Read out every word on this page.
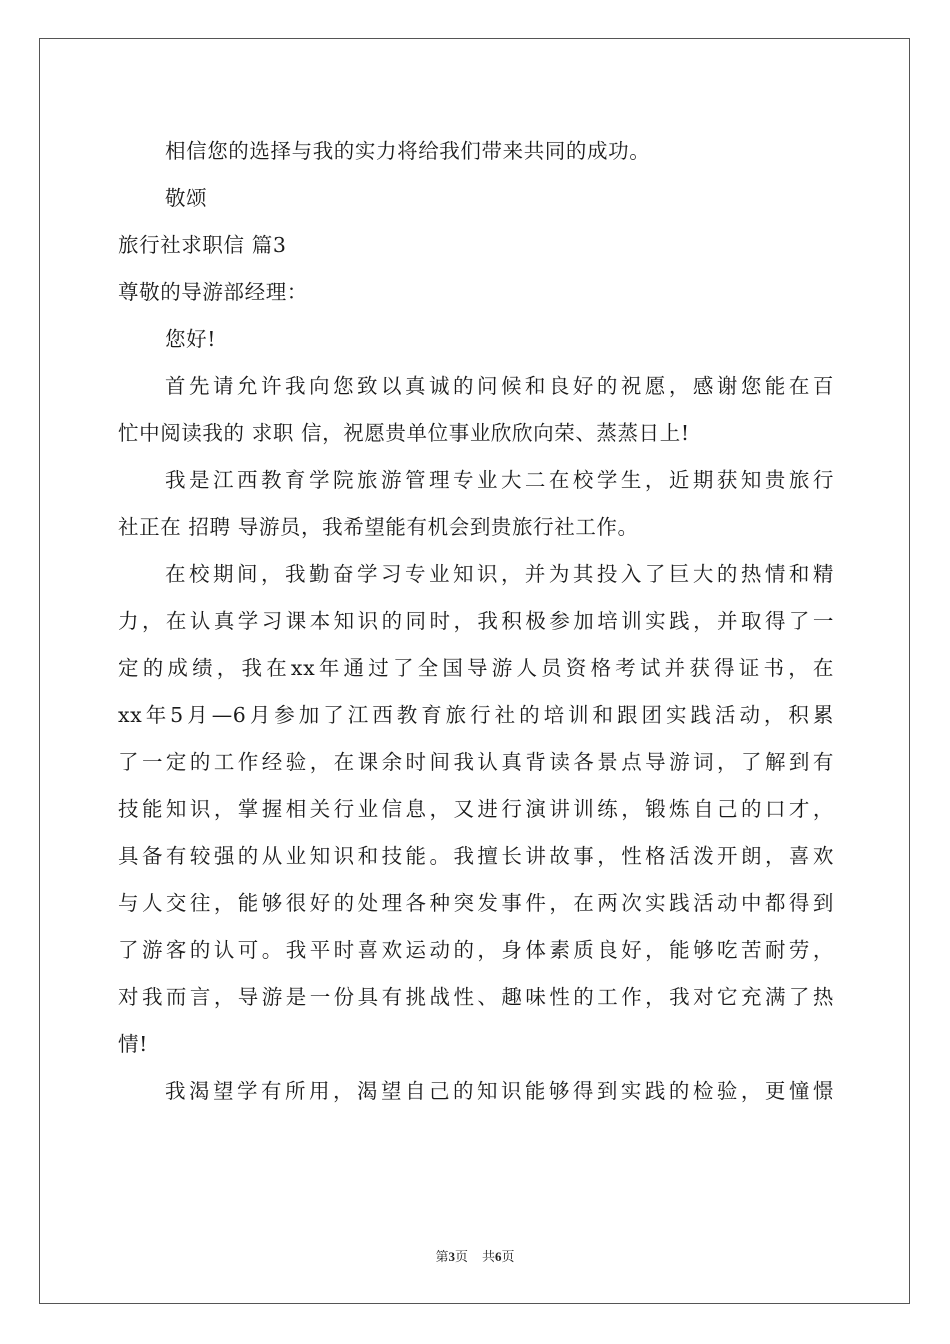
相信您的选择与我的实力将给我们带来共同的成功。
敬颂
旅行社求职信 篇3
尊敬的导游部经理：
您好!
首先请允许我向您致以真诚的问候和良好的祝愿，感谢您能在百
忙中阅读我的 求职 信，祝愿贵单位事业欣欣向荣、蒸蒸日上!
我是江西教育学院旅游管理专业大二在校学生，近期获知贵旅行
社正在 招聘 导游员，我希望能有机会到贵旅行社工作。
在校期间，我勤奋学习专业知识，并为其投入了巨大的热情和精
力，在认真学习课本知识的同时，我积极参加培训实践，并取得了一
定的成绩，我在xx年通过了全国导游人员资格考试并获得证书，在
xx年5月—6月参加了江西教育旅行社的培训和跟团实践活动，积累
了一定的工作经验，在课余时间我认真背读各景点导游词，了解到有
技能知识，掌握相关行业信息，又进行演讲训练，锻炼自己的口才，
具备有较强的从业知识和技能。我擅长讲故事，性格活泼开朗，喜欢
与人交往，能够很好的处理各种突发事件，在两次实践活动中都得到
了游客的认可。我平时喜欢运动的，身体素质良好，能够吃苦耐劳，
对我而言，导游是一份具有挑战性、趣味性的工作，我对它充满了热
情!
我渴望学有所用，渴望自己的知识能够得到实践的检验，更憧憬
第3页 共6页
